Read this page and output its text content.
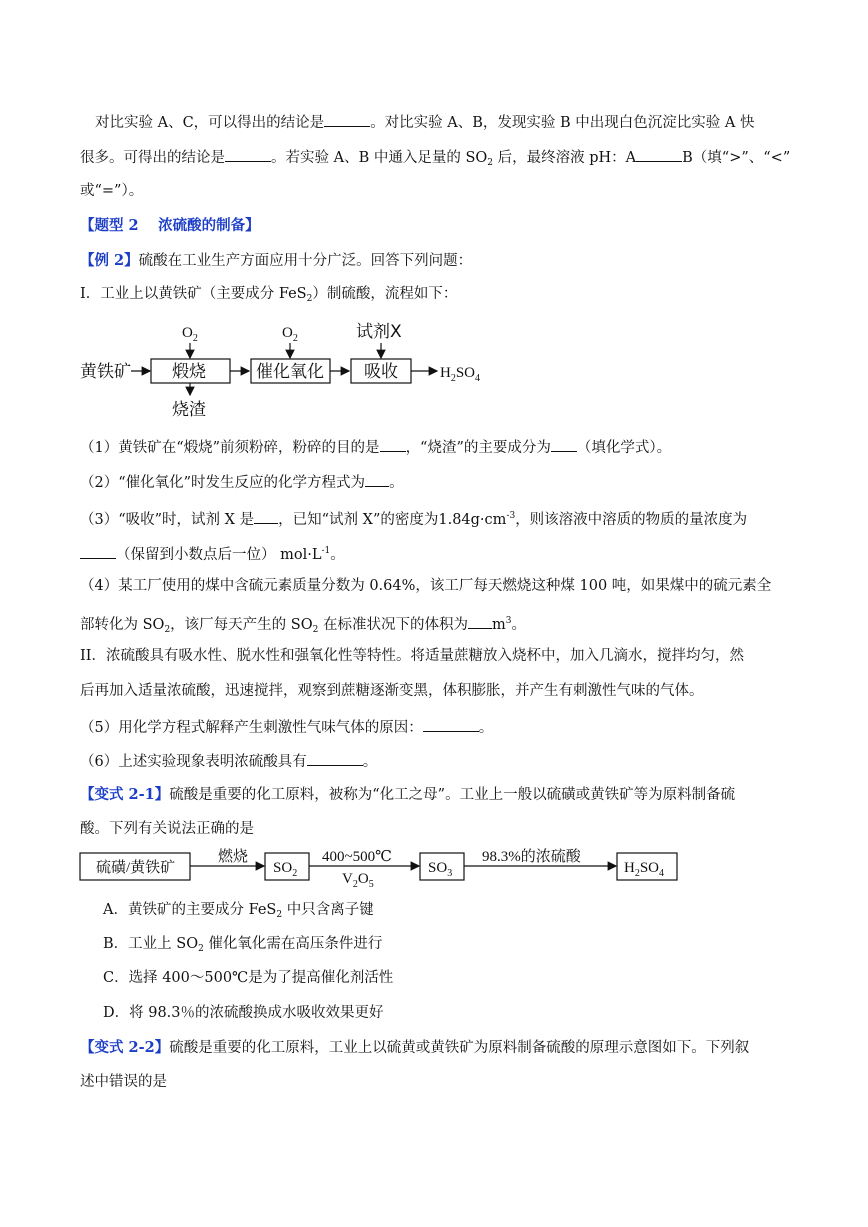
对比实验 A、C，可以得出的结论是	。对比实验 A、B，发现实验 B 中出现白色沉淀比实验 A 快
很多。可得出的结论是	。若实验 A、B 中通入足量的 $SO_2$ 后，最终溶液 pH：A	B（填“>”、“<”
或“=”）。
【题型 2　 浓硫酸的制备】
【例 2】硫酸在工业生产方面应用十分广泛。回答下列问题：
I．工业上以黄铁矿（主要成分 FeS$_2$）制硫酸，流程如下：
黄铁矿 煅烧	催化氧化 吸收	$H_2SO_4$
$O_2$	$O_2$	试剂X
烧渣
（1）黄铁矿在“煅烧”前须粉碎，粉碎的目的是 ，“烧渣”的主要成分为 （填化学式）。
（2）“催化氧化”时发生反应的化学方程式为 。
（3）“吸收”时，试剂 X 是 ，已知“试剂 X”的密度为$1.84g\cdot cm^{-3}$，则该溶液中溶质的物质的量浓度为
（保留到小数点后一位） $mol\cdot L^{-1}$。
（4）某工厂使用的煤中含硫元素质量分数为 0.64%，该工厂每天燃烧这种煤 100 吨，如果煤中的硫元素全
部转化为 $SO_2$，该厂每天产生的 $SO_2$ 在标准状况下的体积为 $m^3$。
II．浓硫酸具有吸水性、脱水性和强氧化性等特性。将适量蔗糖放入烧杯中，加入几滴水，搅拌均匀，然
后再加入适量浓硫酸，迅速搅拌，观察到蔗糖逐渐变黑，体积膨胀，并产生有刺激性气味的气体。
（5）用化学方程式解释产生刺激性气味气体的原因：	。
（6）上述实验现象表明浓硫酸具有	。
【变式 2-1】硫酸是重要的化工原料，被称为“化工之母”。工业上一般以硫磺或黄铁矿等为原料制备硫
酸。下列有关说法正确的是
硫磺/黄铁矿
燃烧
$SO_2$
400~500℃
$V_2O_5$
$SO_3$
98.3%的浓硫酸
$H_2SO_4$
A．黄铁矿的主要成分 FeS$_2$ 中只含离子键
B．工业上 $SO_2$ 催化氧化需在高压条件进行
C．选择 400～500℃是为了提高催化剂活性
D．将 98.3％的浓硫酸换成水吸收效果更好
【变式 2-2】硫酸是重要的化工原料，工业上以硫黄或黄铁矿为原料制备硫酸的原理示意图如下。下列叙
述中错误的是
